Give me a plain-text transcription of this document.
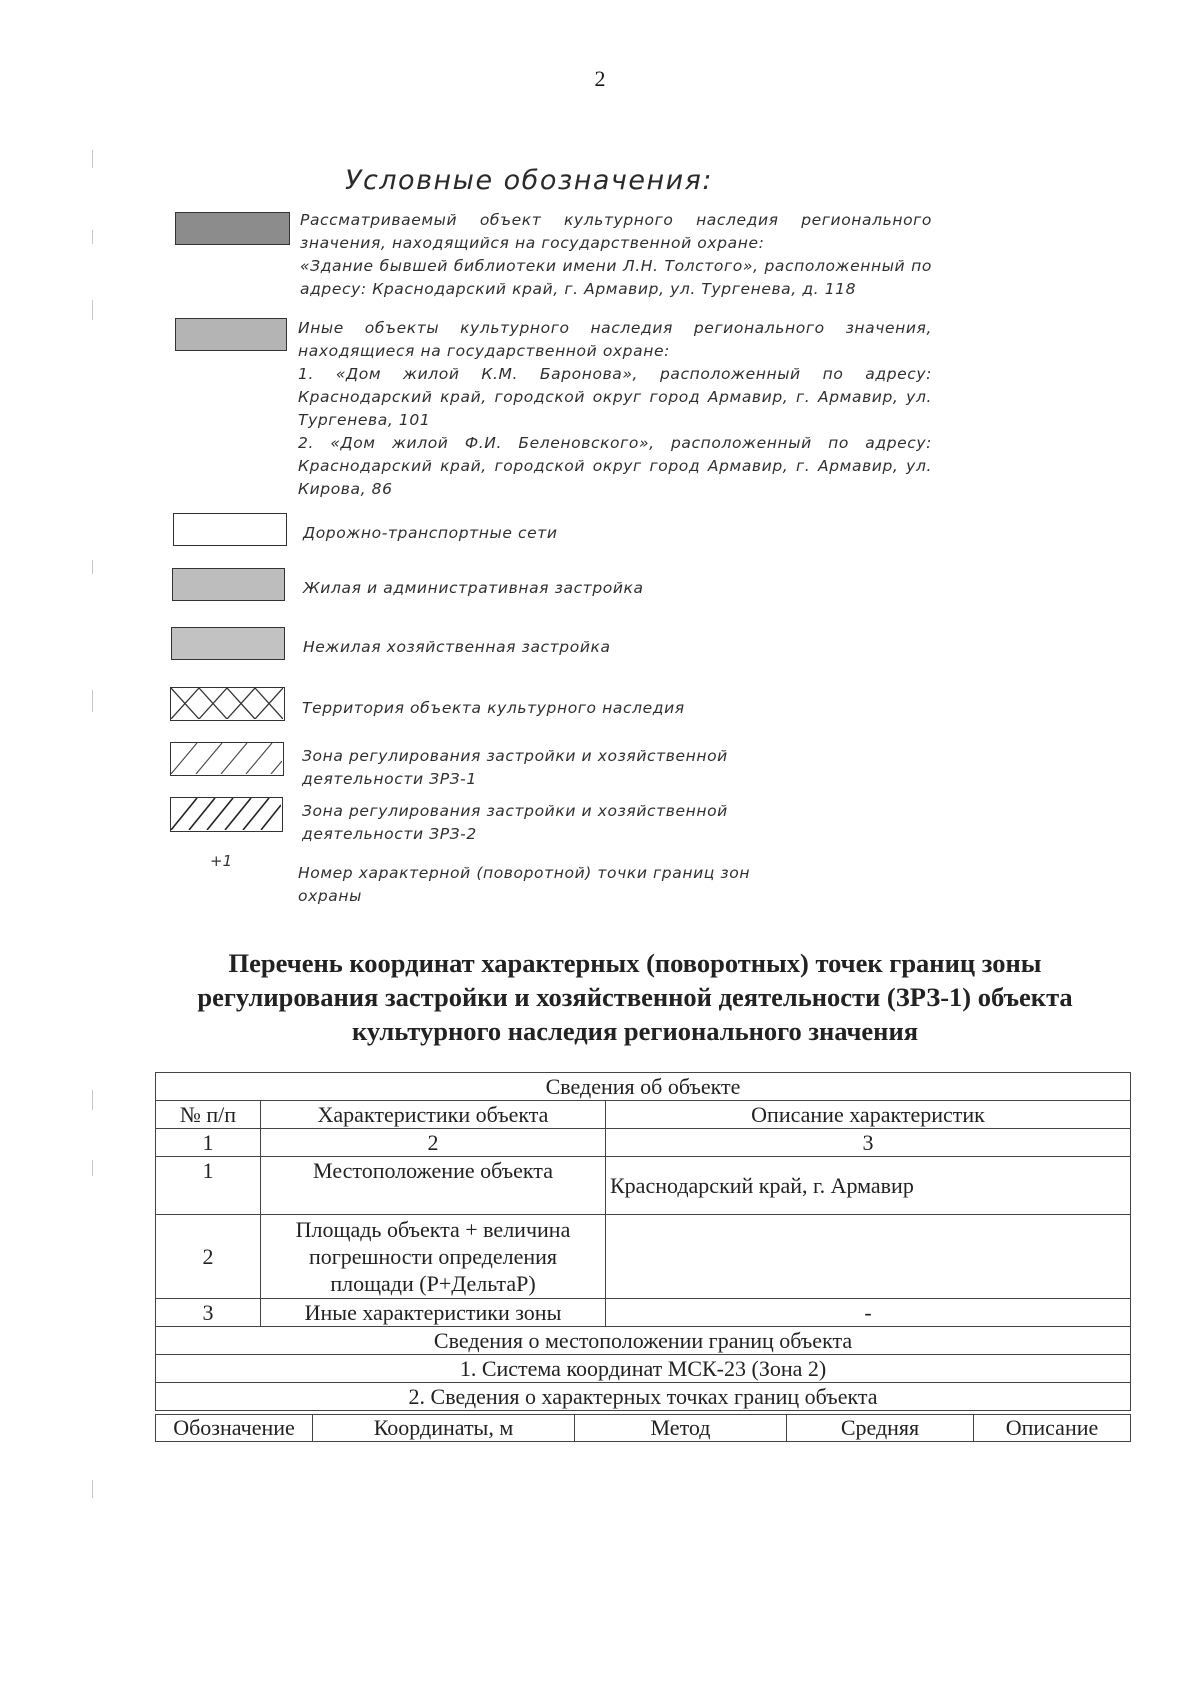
2
Условные обозначения:
Рассматриваемый объект культурного наследия регионального значения, находящийся на государственной охране:
«Здание бывшей библиотеки имени Л.Н. Толстого», расположенный по адресу: Краснодарский край, г. Армавир, ул. Тургенева, д. 118
Иные объекты культурного наследия регионального значения, находящиеся на государственной охране:
1. «Дом жилой К.М. Баронова», расположенный по адресу: Краснодарский край, городской округ город Армавир, г. Армавир, ул. Тургенева, 101
2. «Дом жилой Ф.И. Беленовского», расположенный по адресу: Краснодарский край, городской округ город Армавир, г. Армавир, ул. Кирова, 86
Дорожно-транспортные сети
Жилая и административная застройка
Нежилая хозяйственная застройка
Территория объекта культурного наследия
Зона регулирования застройки и хозяйственной деятельности ЗРЗ-1
Зона регулирования застройки и хозяйственной деятельности ЗРЗ-2
+1
Номер характерной (поворотной) точки границ зон охраны
Перечень координат характерных (поворотных) точек границ зоны
регулирования застройки и хозяйственной деятельности (ЗРЗ-1) объекта
культурного наследия регионального значения
Сведения об объекте		
№ п/п	Характеристики объекта	Описание характеристик
1	2	3
1	Местоположение объекта	Краснодарский край, г. Армавир
2	Площадь объекта + величина погрешности определения площади (Р+ДельтаР)	
3	Иные характеристики зоны	-
Сведения о местоположении границ объекта		
1. Система координат МСК-23 (Зона 2)		
2. Сведения о характерных точках границ объекта		
Обозначение	Координаты, м	Метод	Средняя	Описание
